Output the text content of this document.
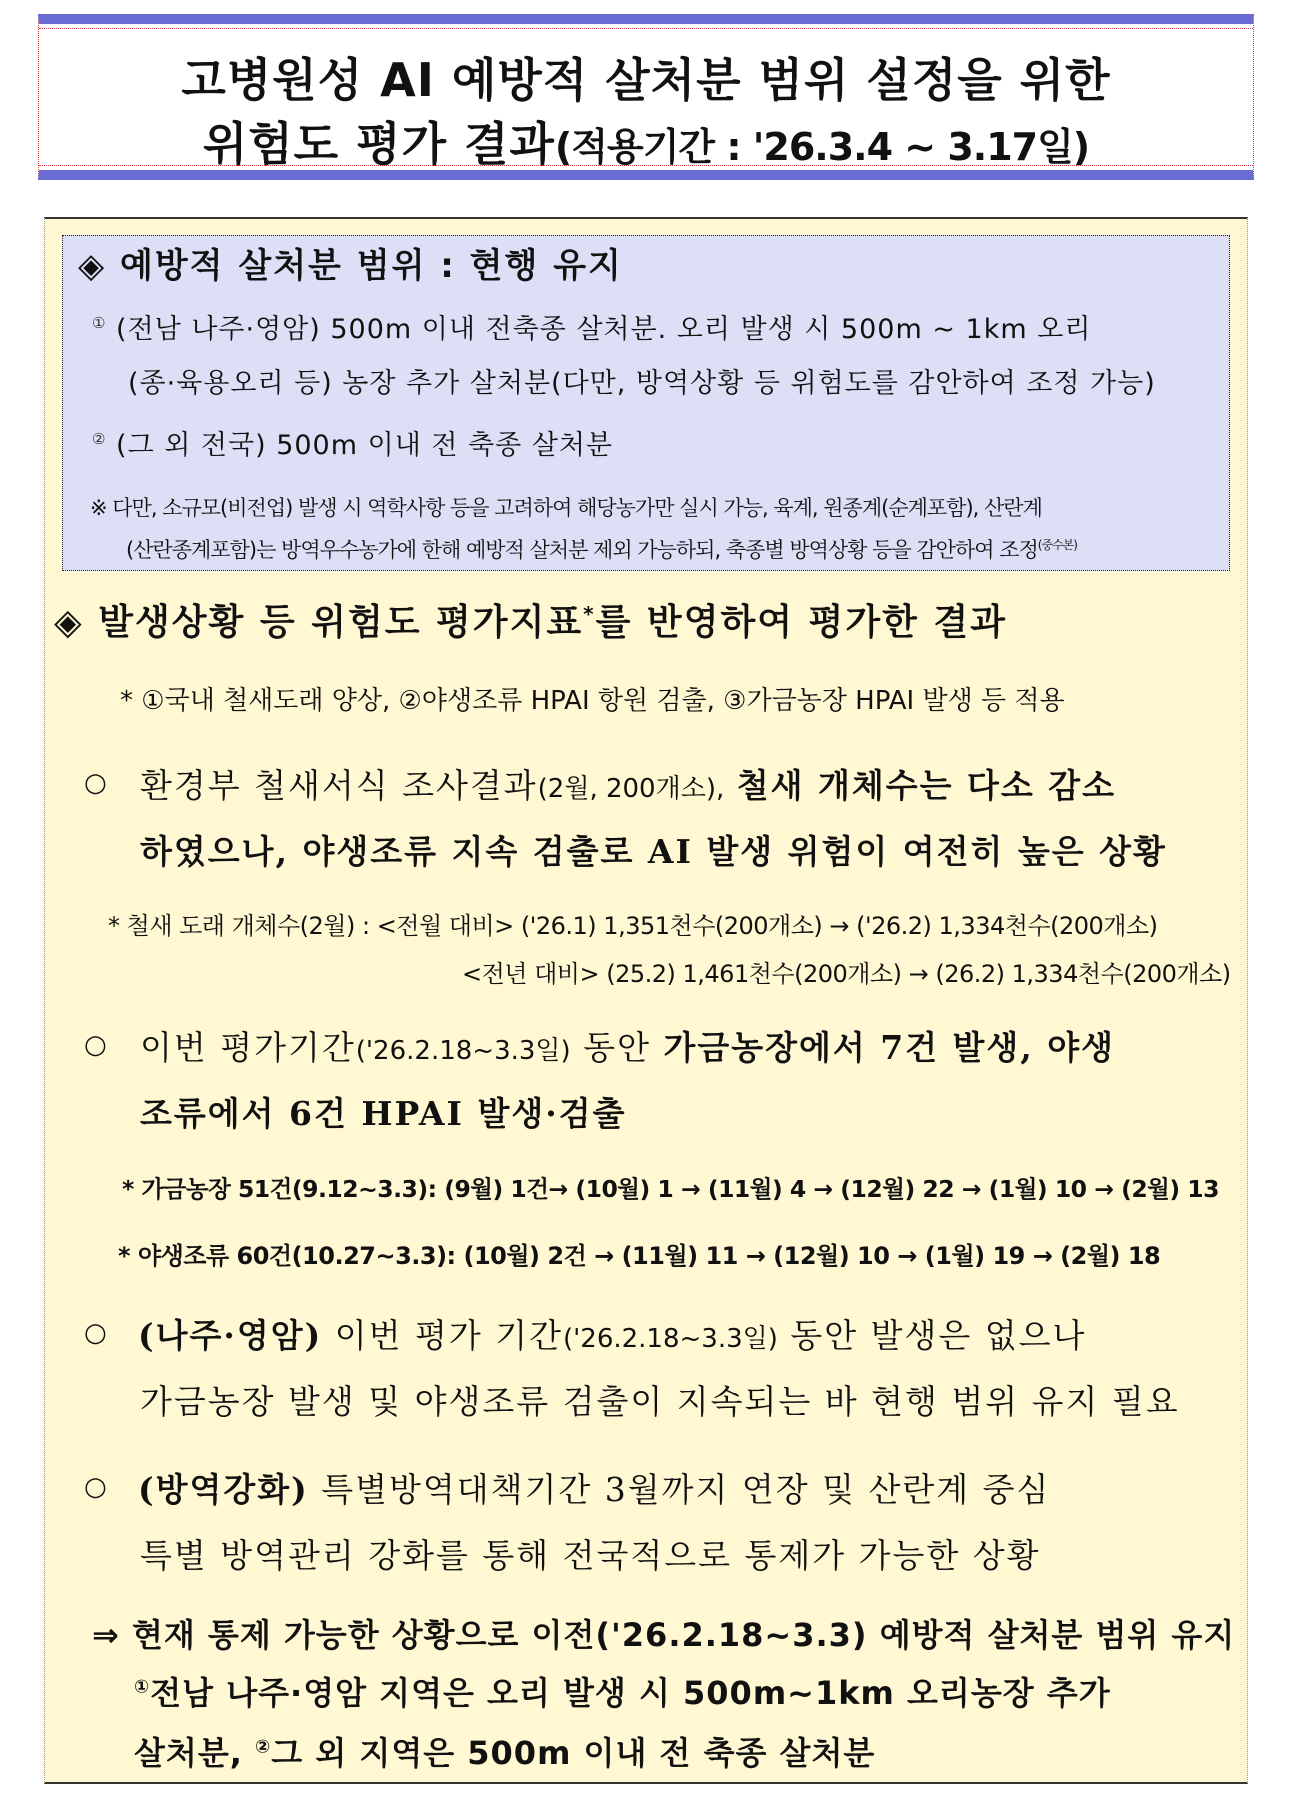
고병원성 AI 예방적 살처분 범위 설정을 위한
위험도 평가 결과(적용기간 : '26.3.4 ~ 3.17일)
◈ 예방적 살처분 범위 : 현행 유지
① (전남 나주·영암) 500m 이내 전축종 살처분. 오리 발생 시 500m ~ 1km 오리
(종·육용오리 등) 농장 추가 살처분(다만, 방역상황 등 위험도를 감안하여 조정 가능)
② (그 외 전국) 500m 이내 전 축종 살처분
※ 다만, 소규모(비전업) 발생 시 역학사항 등을 고려하여 해당농가만 실시 가능, 육계, 원종계(순계포함), 산란계
(산란종계포함)는 방역우수농가에 한해 예방적 살처분 제외 가능하되, 축종별 방역상황 등을 감안하여 조정$^{(중수본)}$
◈ 발생상황 등 위험도 평가지표*를 반영하여 평가한 결과
* ①국내 철새도래 양상, ②야생조류 HPAI 항원 검출, ③가금농장 HPAI 발생 등 적용
○ 환경부 철새서식 조사결과(2월, 200개소), 철새 개체수는 다소 감소
하였으나, 야생조류 지속 검출로 AI 발생 위험이 여전히 높은 상황
* 철새 도래 개체수(2월) : <전월 대비> ('26.1) 1,351천수(200개소) → ('26.2) 1,334천수(200개소)
<전년 대비> (25.2) 1,461천수(200개소) → (26.2) 1,334천수(200개소)
○ 이번 평가기간('26.2.18~3.3일) 동안 가금농장에서 7건 발생, 야생
조류에서 6건 HPAI 발생·검출
* 가금농장 51건(9.12~3.3): (9월) 1건→ (10월) 1 → (11월) 4 → (12월) 22 → (1월) 10 → (2월) 13
* 야생조류 60건(10.27~3.3): (10월) 2건 → (11월) 11 → (12월) 10 → (1월) 19 → (2월) 18
○ (나주·영암) 이번 평가 기간('26.2.18~3.3일) 동안 발생은 없으나
가금농장 발생 및 야생조류 검출이 지속되는 바 현행 범위 유지 필요
○ (방역강화) 특별방역대책기간 3월까지 연장 및 산란계 중심
특별 방역관리 강화를 통해 전국적으로 통제가 가능한 상황
⇒ 현재 통제 가능한 상황으로 이전('26.2.18~3.3) 예방적 살처분 범위 유지
①전남 나주·영암 지역은 오리 발생 시 500m~1km 오리농장 추가
살처분, ②그 외 지역은 500m 이내 전 축종 살처분
